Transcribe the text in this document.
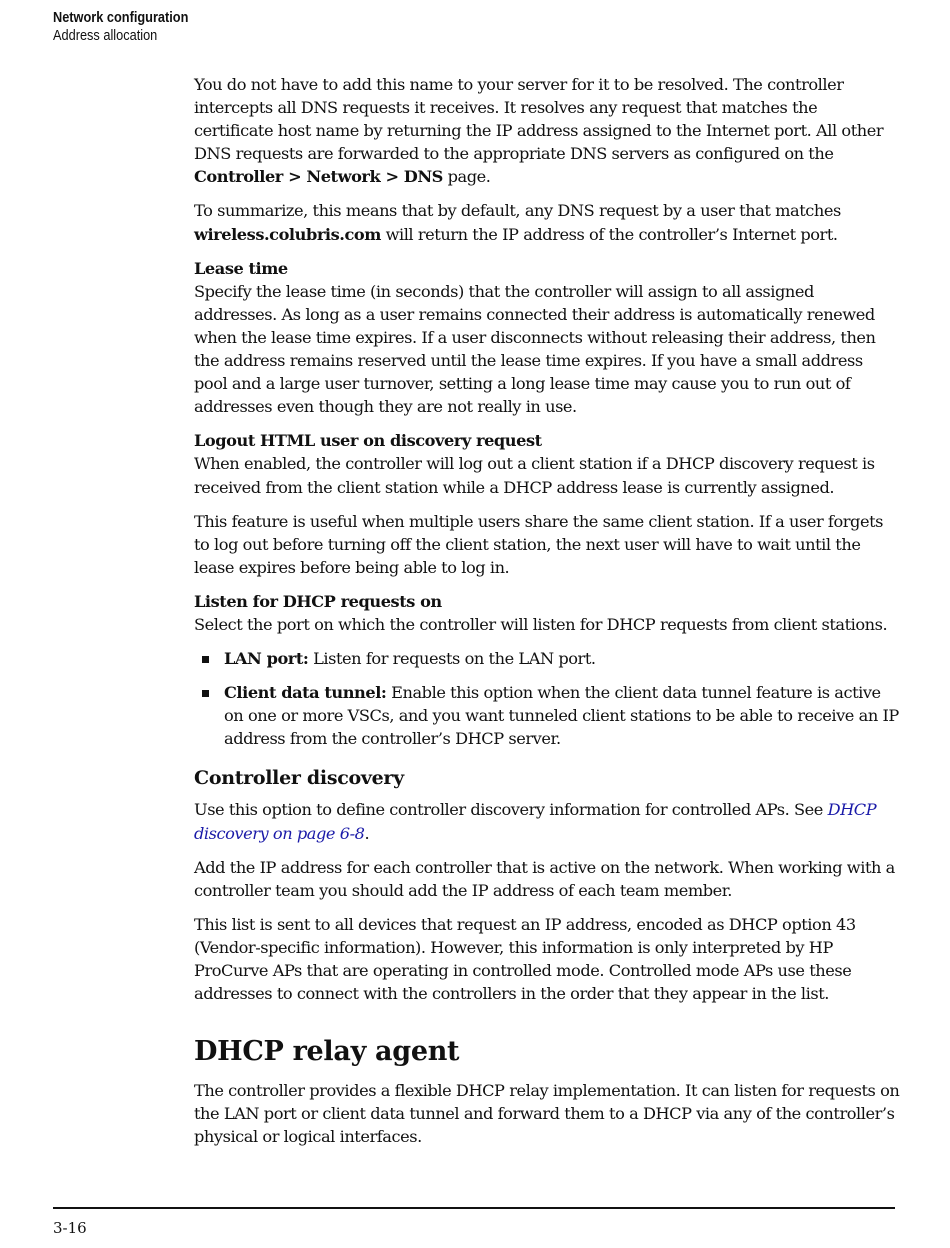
Network configuration
Address allocation

You do not have to add this name to your server for it to be resolved. The controller intercepts all DNS requests it receives. It resolves any request that matches the certificate host name by returning the IP address assigned to the Internet port. All other DNS requests are forwarded to the appropriate DNS servers as configured on the Controller > Network > DNS page.

To summarize, this means that by default, any DNS request by a user that matches wireless.colubris.com will return the IP address of the controller’s Internet port.

Lease time
Specify the lease time (in seconds) that the controller will assign to all assigned addresses. As long as a user remains connected their address is automatically renewed when the lease time expires. If a user disconnects without releasing their address, then the address remains reserved until the lease time expires. If you have a small address pool and a large user turnover, setting a long lease time may cause you to run out of addresses even though they are not really in use.

Logout HTML user on discovery request
When enabled, the controller will log out a client station if a DHCP discovery request is received from the client station while a DHCP address lease is currently assigned.

This feature is useful when multiple users share the same client station. If a user forgets to log out before turning off the client station, the next user will have to wait until the lease expires before being able to log in.

Listen for DHCP requests on
Select the port on which the controller will listen for DHCP requests from client stations.

LAN port: Listen for requests on the LAN port.
Client data tunnel: Enable this option when the client data tunnel feature is active on one or more VSCs, and you want tunneled client stations to be able to receive an IP address from the controller’s DHCP server.
Controller discovery

Use this option to define controller discovery information for controlled APs. See DHCP discovery on page 6-8.

Add the IP address for each controller that is active on the network. When working with a controller team you should add the IP address of each team member.

This list is sent to all devices that request an IP address, encoded as DHCP option 43 (Vendor-specific information). However, this information is only interpreted by HP ProCurve APs that are operating in controlled mode. Controlled mode APs use these addresses to connect with the controllers in the order that they appear in the list.

DHCP relay agent

The controller provides a flexible DHCP relay implementation. It can listen for requests on the LAN port or client data tunnel and forward them to a DHCP via any of the controller’s physical or logical interfaces.

3-16
